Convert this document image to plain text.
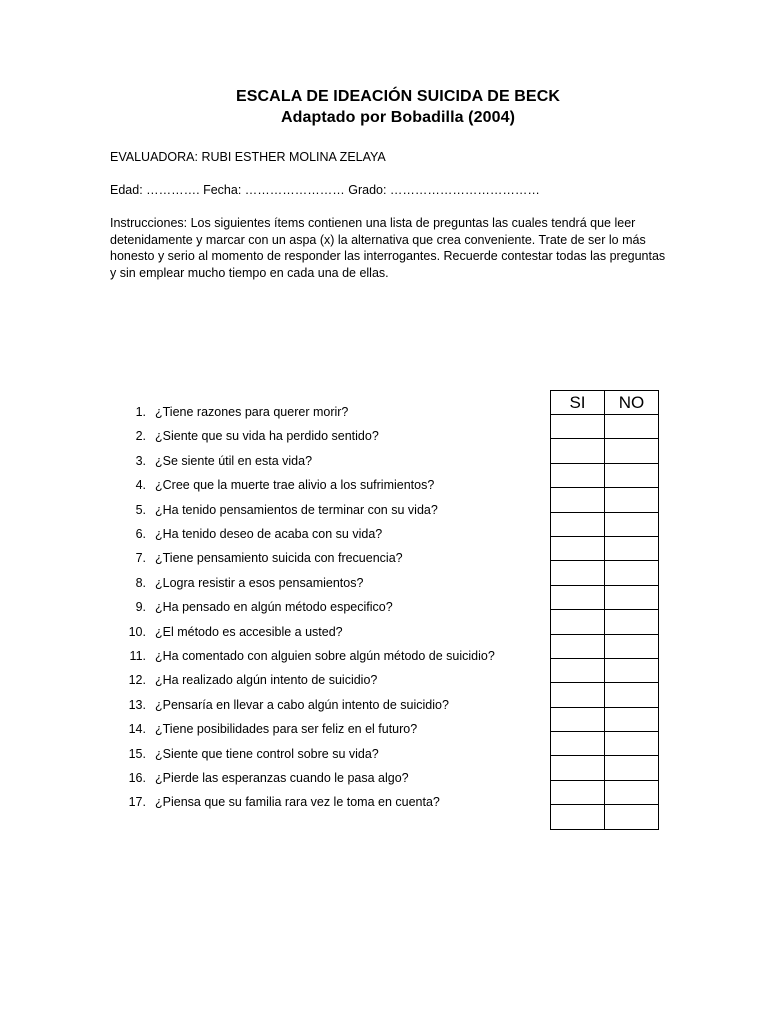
ESCALA DE IDEACIÓN SUICIDA DE BECK
Adaptado por Bobadilla (2004)
EVALUADORA: RUBI ESTHER MOLINA ZELAYA
Edad: …………. Fecha: …………………… Grado: ………………………………
Instrucciones: Los siguientes ítems contienen una lista de preguntas las cuales tendrá que leer
detenidamente y marcar con un aspa (x) la alternativa que crea conveniente. Trate de ser lo más
honesto y serio al momento de responder las interrogantes. Recuerde contestar todas las preguntas
y sin emplear mucho tiempo en cada una de ellas.
1. ¿Tiene razones para querer morir?
2. ¿Siente que su vida ha perdido sentido?
3. ¿Se siente útil en esta vida?
4. ¿Cree que la muerte trae alivio a los sufrimientos?
5. ¿Ha tenido pensamientos de terminar con su vida?
6. ¿Ha tenido deseo de acaba con su vida?
7. ¿Tiene pensamiento suicida con frecuencia?
8. ¿Logra resistir a esos pensamientos?
9. ¿Ha pensado en algún método especifico?
10. ¿El método es accesible a usted?
11. ¿Ha comentado con alguien sobre algún método de suicidio?
12. ¿Ha realizado algún intento de suicidio?
13. ¿Pensaría en llevar a cabo algún intento de suicidio?
14. ¿Tiene posibilidades para ser feliz en el futuro?
15. ¿Siente que tiene control sobre su vida?
16. ¿Pierde las esperanzas cuando le pasa algo?
17. ¿Piensa que su familia rara vez le toma en cuenta?
SI	NO
